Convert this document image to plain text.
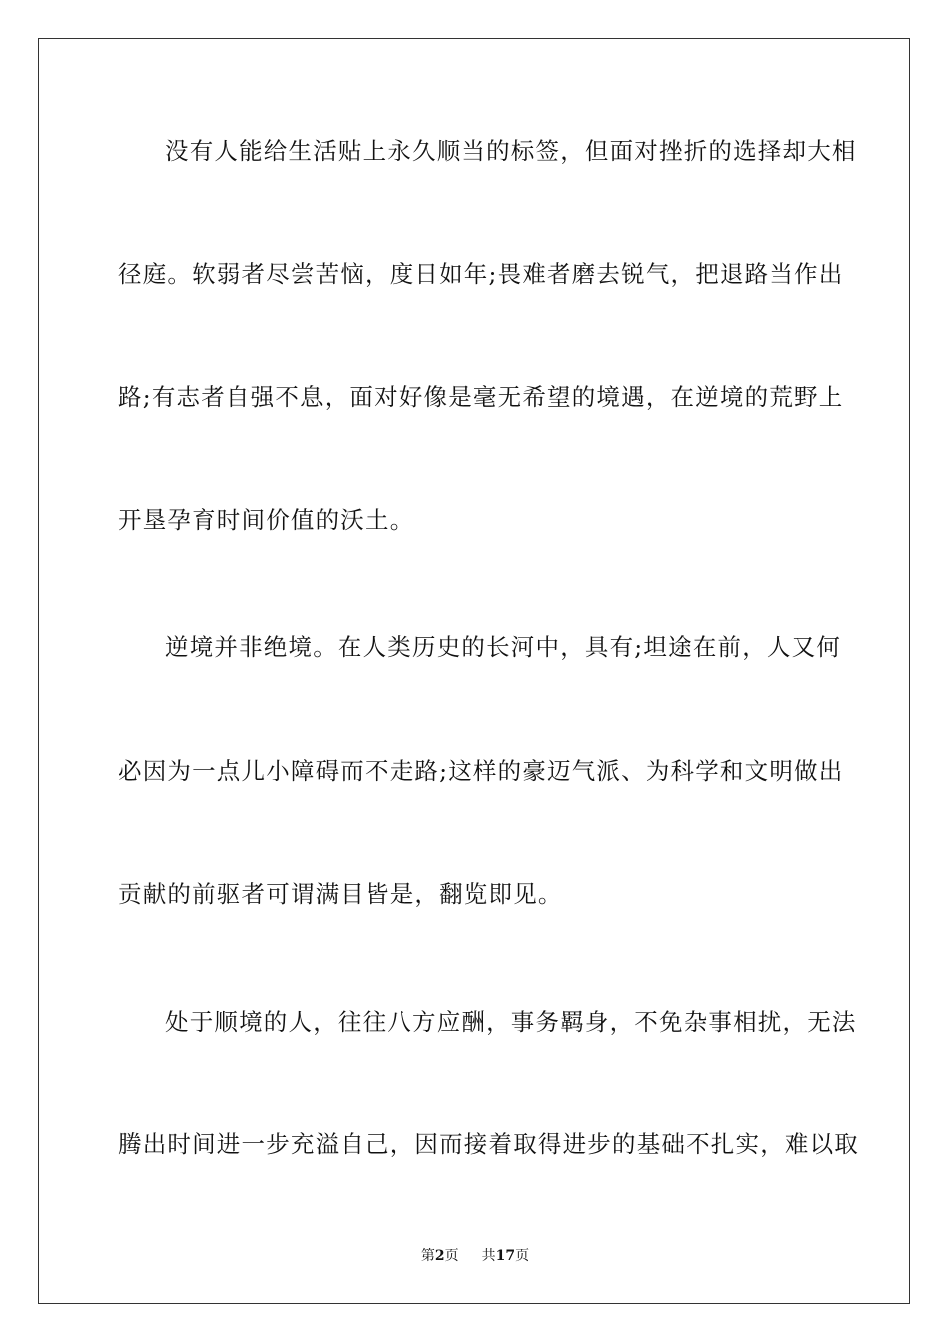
没有人能给生活贴上永久顺当的标签，但面对挫折的选择却大相
径庭。软弱者尽尝苦恼，度日如年;畏难者磨去锐气，把退路当作出
路;有志者自强不息，面对好像是毫无希望的境遇，在逆境的荒野上
开垦孕育时间价值的沃土。
逆境并非绝境。在人类历史的长河中，具有;坦途在前，人又何
必因为一点儿小障碍而不走路;这样的豪迈气派、为科学和文明做出
贡献的前驱者可谓满目皆是，翻览即见。
处于顺境的人，往往八方应酬，事务羁身，不免杂事相扰，无法
腾出时间进一步充溢自己，因而接着取得进步的基础不扎实，难以取
第2页 共17页
